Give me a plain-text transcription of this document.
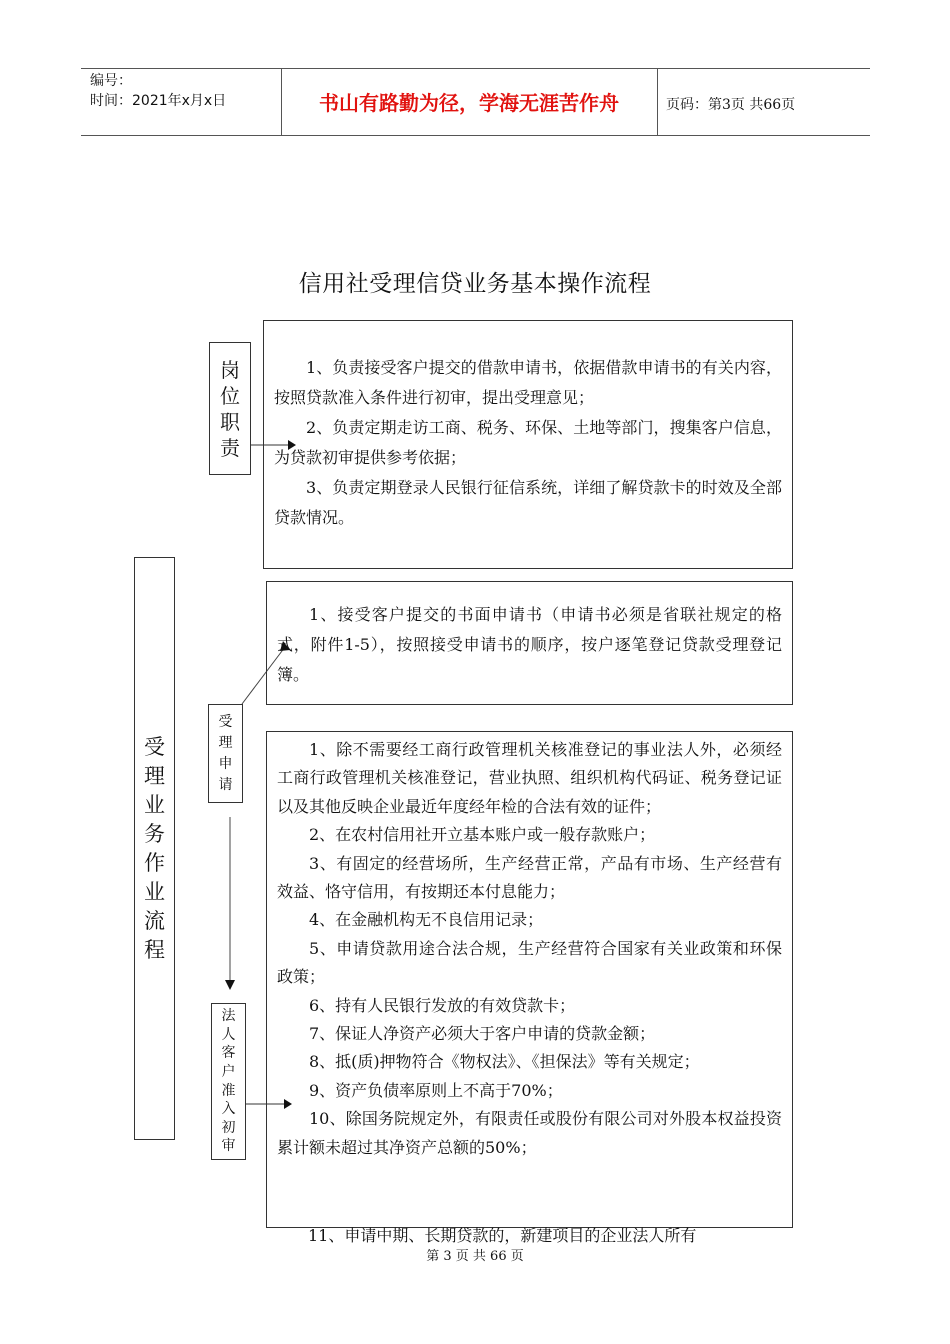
编号：
时间：2021年x月x日	书山有路勤为径，学海无涯苦作舟	页码：第3页 共66页
信用社受理信贷业务基本操作流程
岗
位
职
责

1、负责接受客户提交的借款申请书，依据借款申请书的有关内容，按照贷款准入条件进行初审，提出受理意见；

2、负责定期走访工商、税务、环保、土地等部门，搜集客户信息，为贷款初审提供参考依据；

3、负责定期登录人民银行征信系统，详细了解贷款卡的时效及全部贷款情况。

受
理
业
务
作
业
流
程

1、接受客户提交的书面申请书（申请书必须是省联社规定的格式，附件1-5），按照接受申请书的顺序，按户逐笔登记贷款受理登记簿。

受
理
申
请

1、除不需要经工商行政管理机关核准登记的事业法人外，必须经工商行政管理机关核准登记，营业执照、组织机构代码证、税务登记证以及其他反映企业最近年度经年检的合法有效的证件；

2、在农村信用社开立基本账户或一般存款账户；

3、有固定的经营场所，生产经营正常，产品有市场、生产经营有效益、恪守信用，有按期还本付息能力；

4、在金融机构无不良信用记录；

5、申请贷款用途合法合规，生产经营符合国家有关业政策和环保政策；

6、持有人民银行发放的有效贷款卡；

7、保证人净资产必须大于客户申请的贷款金额；

8、抵(质)押物符合《物权法》、《担保法》等有关规定；

9、资产负债率原则上不高于70%；

10、除国务院规定外，有限责任或股份有限公司对外股本权益投资累计额未超过其净资产总额的50%；

法
人
客
户
准
入
初
审
11、申请中期、长期贷款的，新建项目的企业法人所有
第 3 页 共 66 页
